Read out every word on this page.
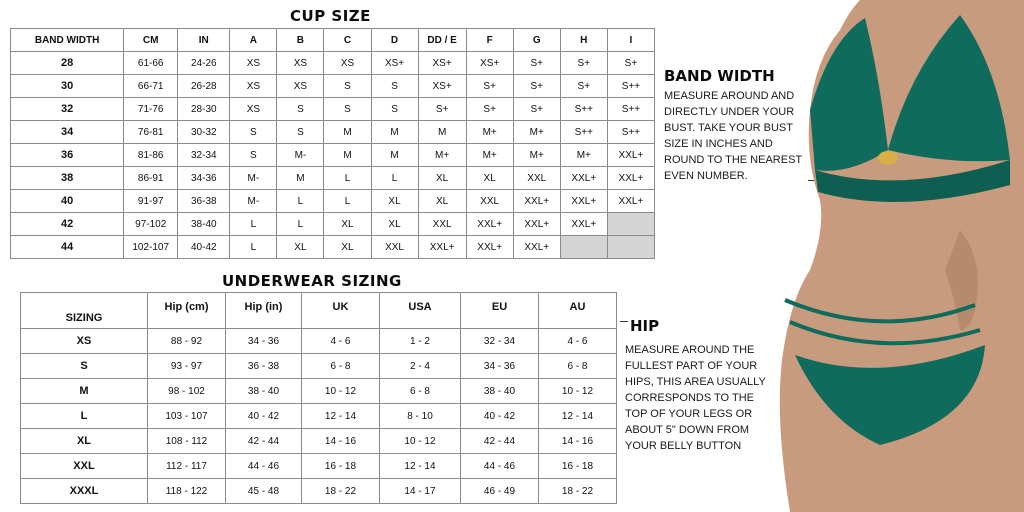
CUP SIZE
BAND WIDTH	CM	IN	A	B	C	D	DD / E	F	G	H	I
28	61-66	24-26	XS	XS	XS	XS+	XS+	XS+	S+	S+	S+
30	66-71	26-28	XS	XS	S	S	XS+	S+	S+	S+	S++
32	71-76	28-30	XS	S	S	S	S+	S+	S+	S++	S++
34	76-81	30-32	S	S	M	M	M	M+	M+	S++	S++
36	81-86	32-34	S	M-	M	M	M+	M+	M+	M+	XXL+
38	86-91	34-36	M-	M	L	L	XL	XL	XXL	XXL+	XXL+
40	91-97	36-38	M-	L	L	XL	XL	XXL	XXL+	XXL+	XXL+
42	97-102	38-40	L	L	XL	XL	XXL	XXL+	XXL+	XXL+	
44	102-107	40-42	L	XL	XL	XXL	XXL+	XXL+	XXL+		
UNDERWEAR SIZING
SIZING	Hip (cm)	Hip (in)	UK	USA	EU	AU
XS	88 - 92	34 - 36	4 - 6	1 - 2	32 - 34	4 - 6
S	93 - 97	36 - 38	6 - 8	2 - 4	34 - 36	6 - 8
M	98 - 102	38 - 40	10 - 12	6 - 8	38 - 40	10 - 12
L	103 - 107	40 - 42	12 - 14	8 - 10	40 - 42	12 - 14
XL	108 - 112	42 - 44	14 - 16	10 - 12	42 - 44	14 - 16
XXL	112 - 117	44 - 46	16 - 18	12 - 14	44 - 46	16 - 18
XXXL	118 - 122	45 - 48	18 - 22	14 - 17	46 - 49	18 - 22
BAND WIDTH
MEASURE AROUND AND DIRECTLY UNDER YOUR BUST. TAKE YOUR BUST SIZE IN INCHES AND ROUND TO THE NEAREST EVEN NUMBER.
HIP
MEASURE AROUND THE FULLEST PART OF YOUR HIPS, THIS AREA USUALLY CORRESPONDS TO THE TOP OF YOUR LEGS OR ABOUT 5" DOWN FROM YOUR BELLY BUTTON
